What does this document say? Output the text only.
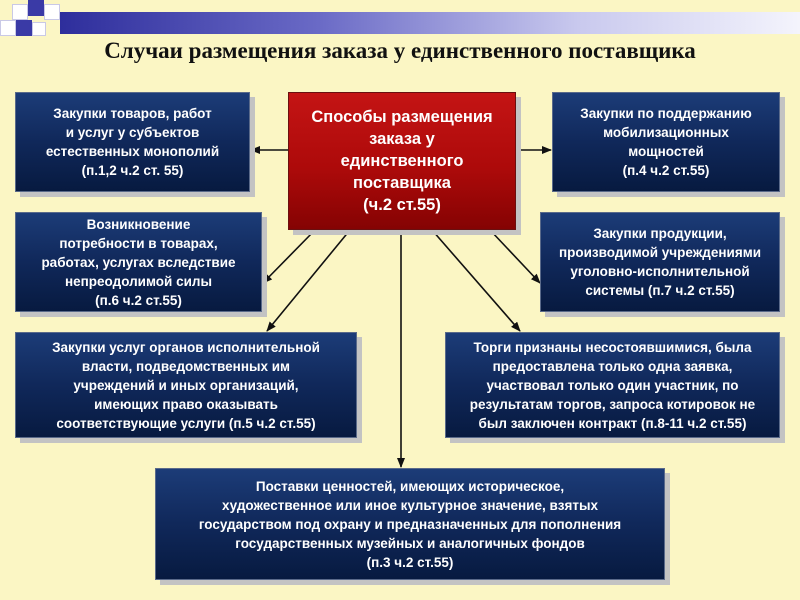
Случаи размещения заказа у единственного поставщика
Способы размещения
заказа у
единственного
поставщика
(ч.2 ст.55)
Закупки товаров, работ
и услуг у субъектов
естественных монополий
(п.1,2 ч.2 ст. 55)
Закупки по поддержанию
мобилизационных
мощностей
(п.4 ч.2 ст.55)
Возникновение
потребности в товарах,
работах, услугах вследствие
непреодолимой силы
(п.6 ч.2 ст.55)
Закупки продукции,
производимой учреждениями
уголовно-исполнительной
системы (п.7 ч.2 ст.55)
Закупки услуг органов исполнительной
власти, подведомственных им
учреждений и иных организаций,
имеющих право оказывать
соответствующие услуги (п.5 ч.2 ст.55)
Торги признаны несостоявшимися, была
предоставлена только одна заявка,
участвовал только один участник, по
результатам торгов, запроса котировок не
был заключен контракт (п.8-11 ч.2 ст.55)
Поставки ценностей, имеющих историческое,
художественное или иное культурное значение, взятых
государством под охрану и предназначенных для пополнения
государственных музейных и аналогичных фондов
(п.3 ч.2 ст.55)
